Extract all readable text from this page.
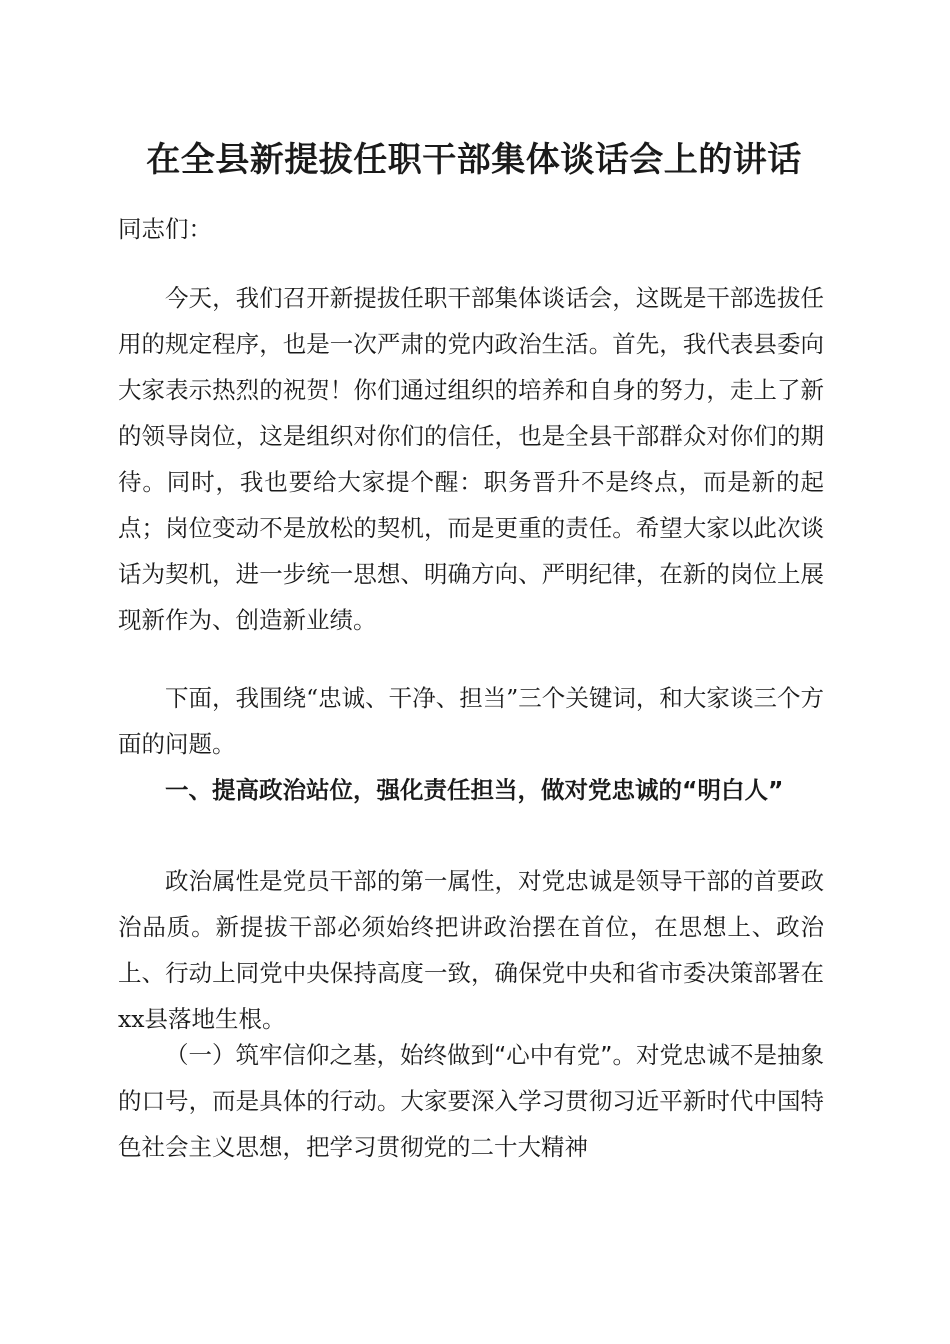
在全县新提拔任职干部集体谈话会上的讲话

同志们：

今天，我们召开新提拔任职干部集体谈话会，这既是干部选拔任用的规定程序，也是一次严肃的党内政治生活。首先，我代表县委向大家表示热烈的祝贺！你们通过组织的培养和自身的努力，走上了新的领导岗位，这是组织对你们的信任，也是全县干部群众对你们的期待。同时，我也要给大家提个醒：职务晋升不是终点，而是新的起点；岗位变动不是放松的契机，而是更重的责任。希望大家以此次谈话为契机，进一步统一思想、明确方向、严明纪律，在新的岗位上展现新作为、创造新业绩。

下面，我围绕“忠诚、干净、担当”三个关键词，和大家谈三个方面的问题。

一、提高政治站位，强化责任担当，做对党忠诚的“明白人”

政治属性是党员干部的第一属性，对党忠诚是领导干部的首要政治品质。新提拔干部必须始终把讲政治摆在首位，在思想上、政治上、行动上同党中央保持高度一致，确保党中央和省市委决策部署在xx县落地生根。

（一）筑牢信仰之基，始终做到“心中有党”。对党忠诚不是抽象的口号，而是具体的行动。大家要深入学习贯彻习近平新时代中国特色社会主义思想，把学习贯彻党的二十大精神
